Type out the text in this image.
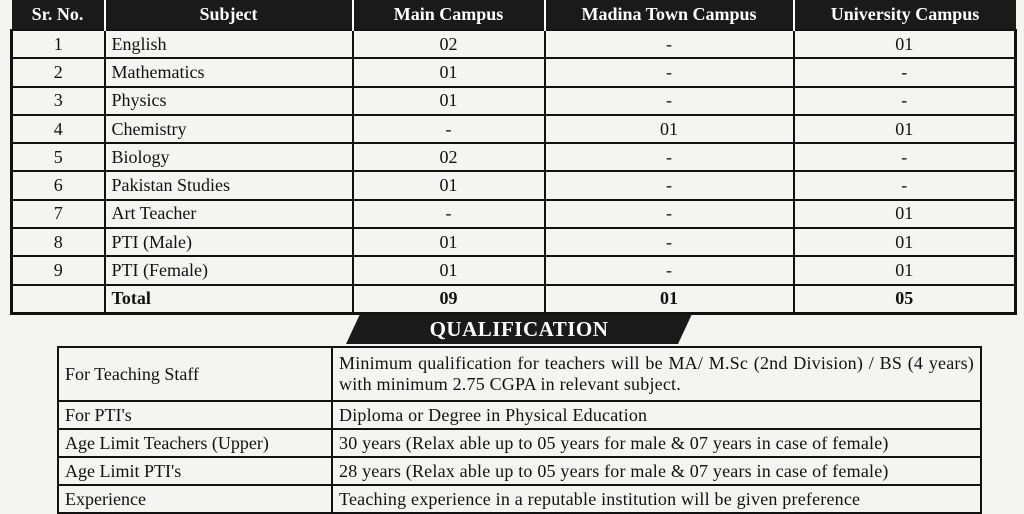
Sr. No.	Subject	Main Campus	Madina Town Campus	University Campus
1	English	02	-	01
2	Mathematics	01	-	-
3	Physics	01	-	-
4	Chemistry	-	01	01
5	Biology	02	-	-
6	Pakistan Studies	01	-	-
7	Art Teacher	-	-	01
8	PTI (Male)	01	-	01
9	PTI (Female)	01	-	01
	Total	09	01	05
QUALIFICATION
For Teaching Staff	Minimum qualification for teachers will be MA/ M.Sc (2nd Division) / BS (4 years) with minimum 2.75 CGPA in relevant subject.
For PTI's	Diploma or Degree in Physical Education
Age Limit Teachers (Upper)	30 years (Relax able up to 05 years for male & 07 years in case of female)
Age Limit PTI's	28 years (Relax able up to 05 years for male & 07 years in case of female)
Experience	Teaching experience in a reputable institution will be given preference
